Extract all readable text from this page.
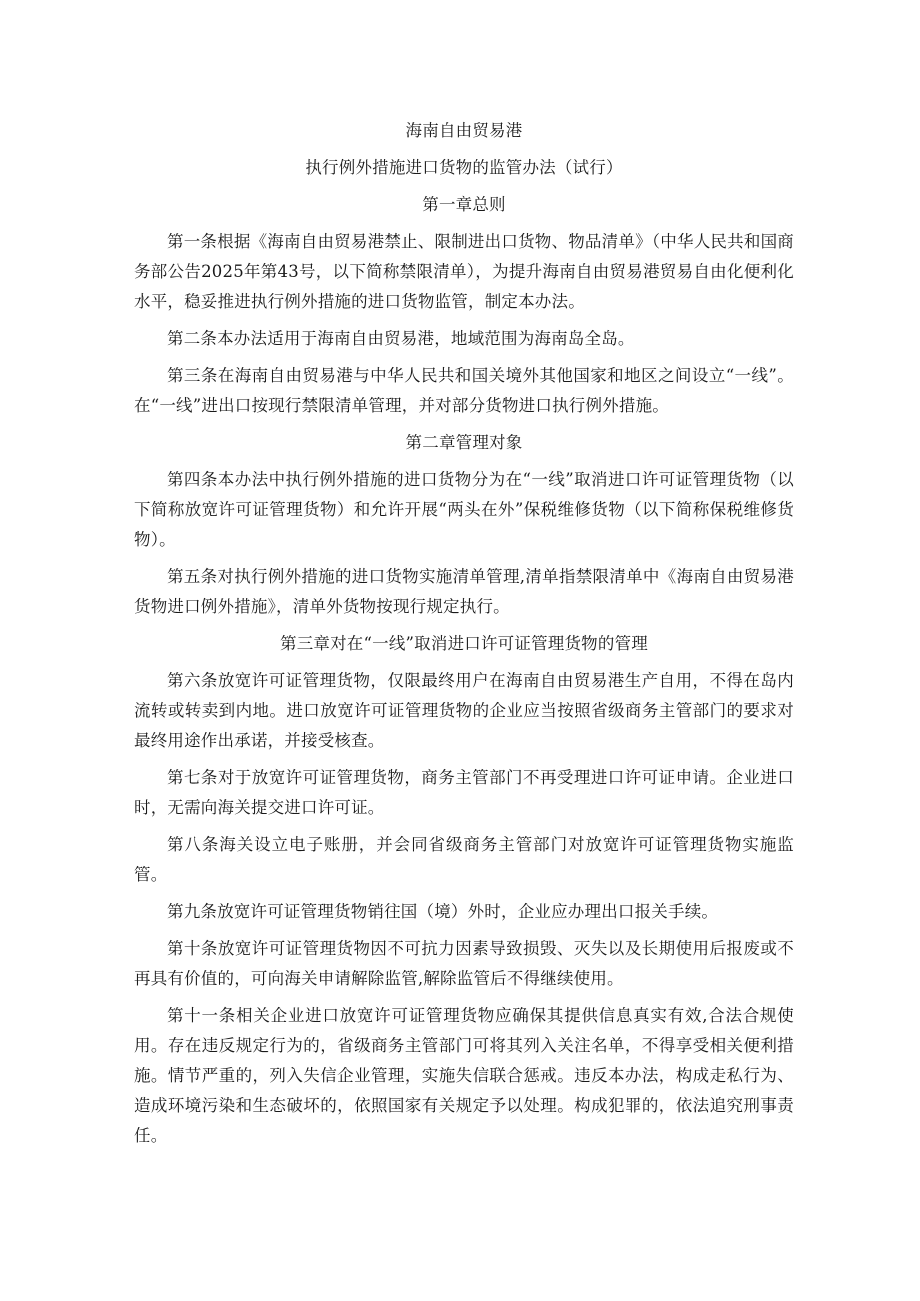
海南自由贸易港
执行例外措施进口货物的监管办法（试行）
第一章总则

第一条根据《海南自由贸易港禁止、限制进出口货物、物品清单》（中华人民共和国商务部公告2025年第43号，以下简称禁限清单），为提升海南自由贸易港贸易自由化便利化水平，稳妥推进执行例外措施的进口货物监管，制定本办法。

第二条本办法适用于海南自由贸易港，地域范围为海南岛全岛。

第三条在海南自由贸易港与中华人民共和国关境外其他国家和地区之间设立“一线”。在“一线”进出口按现行禁限清单管理，并对部分货物进口执行例外措施。

第二章管理对象

第四条本办法中执行例外措施的进口货物分为在“一线”取消进口许可证管理货物（以下简称放宽许可证管理货物）和允许开展“两头在外”保税维修货物（以下简称保税维修货物）。

第五条对执行例外措施的进口货物实施清单管理,清单指禁限清单中《海南自由贸易港货物进口例外措施》，清单外货物按现行规定执行。

第三章对在“一线”取消进口许可证管理货物的管理

第六条放宽许可证管理货物，仅限最终用户在海南自由贸易港生产自用，不得在岛内流转或转卖到内地。进口放宽许可证管理货物的企业应当按照省级商务主管部门的要求对最终用途作出承诺，并接受核查。

第七条对于放宽许可证管理货物，商务主管部门不再受理进口许可证申请。企业进口时，无需向海关提交进口许可证。

第八条海关设立电子账册，并会同省级商务主管部门对放宽许可证管理货物实施监管。

第九条放宽许可证管理货物销往国（境）外时，企业应办理出口报关手续。

第十条放宽许可证管理货物因不可抗力因素导致损毁、灭失以及长期使用后报废或不再具有价值的，可向海关申请解除监管,解除监管后不得继续使用。

第十一条相关企业进口放宽许可证管理货物应确保其提供信息真实有效,合法合规使用。存在违反规定行为的，省级商务主管部门可将其列入关注名单，不得享受相关便利措施。情节严重的，列入失信企业管理，实施失信联合惩戒。违反本办法，构成走私行为、造成环境污染和生态破坏的，依照国家有关规定予以处理。构成犯罪的，依法追究刑事责任。
